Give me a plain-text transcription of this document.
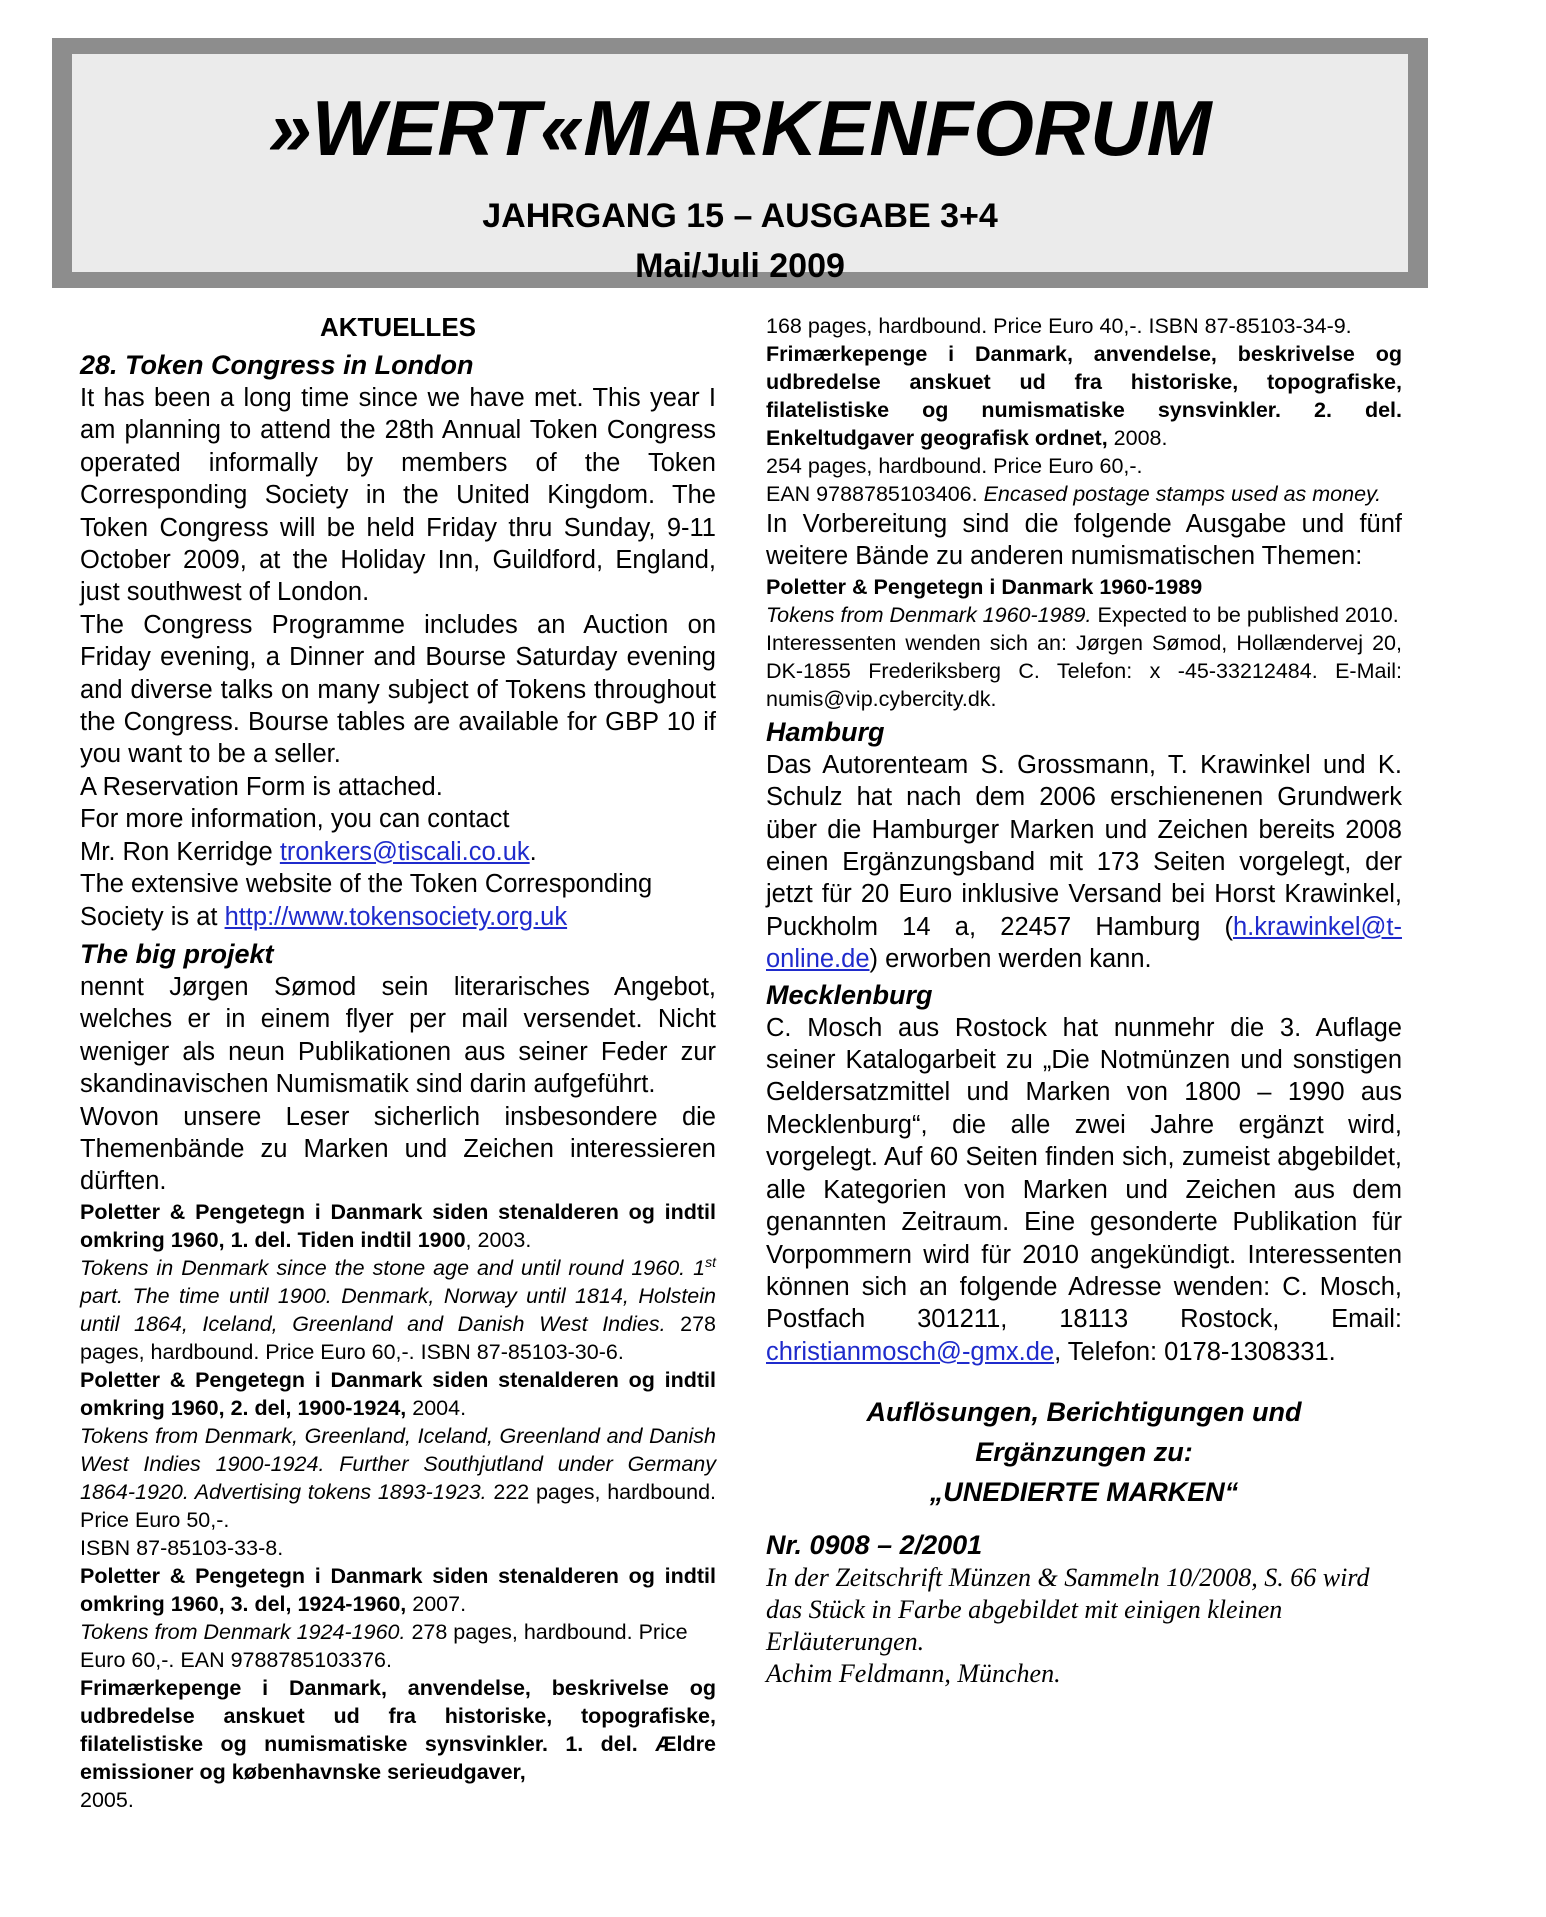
»WERT«MARKENFORUM
JAHRGANG 15 – AUSGABE 3+4
Mai/Juli 2009
AKTUELLES
28. Token Congress in London

It has been a long time since we have met. This year I am planning to attend the 28th Annual Token Congress operated informally by members of the Token Corresponding Society in the United Kingdom. The Token Congress will be held Friday thru Sunday, 9-11 October 2009, at the Holiday Inn, Guildford, England, just southwest of London.

The Congress Programme includes an Auction on Friday evening, a Dinner and Bourse Saturday evening and diverse talks on many subject of Tokens throughout the Congress. Bourse tables are available for GBP 10 if you want to be a seller.

A Reservation Form is attached.

For more information, you can contact

Mr. Ron Kerridge tronkers@tiscali.co.uk.

The extensive website of the Token Corresponding Society is at http://www.tokensociety.org.uk

The big projekt

nennt Jørgen Sømod sein literarisches Angebot, welches er in einem flyer per mail versendet. Nicht weniger als neun Publikationen aus seiner Feder zur skandinavischen Numismatik sind darin aufgeführt.

Wovon unsere Leser sicherlich insbesondere die Themenbände zu Marken und Zeichen interessieren dürften.

Poletter & Pengetegn i Danmark siden stenalderen og indtil omkring 1960, 1. del. Tiden indtil 1900, 2003.

Tokens in Denmark since the stone age and until round 1960. 1st part. The time until 1900. Denmark, Norway until 1814, Holstein until 1864, Iceland, Greenland and Danish West Indies. 278 pages, hardbound. Price Euro 60,-. ISBN 87-85103-30-6.

Poletter & Pengetegn i Danmark siden stenalderen og indtil omkring 1960, 2. del, 1900-1924, 2004.

Tokens from Denmark, Greenland, Iceland, Greenland and Danish West Indies 1900-1924. Further Southjutland under Germany 1864-1920. Advertising tokens 1893-1923. 222 pages, hardbound. Price Euro 50,-.

ISBN 87-85103-33-8.

Poletter & Pengetegn i Danmark siden stenalderen og indtil omkring 1960, 3. del, 1924-1960, 2007.

Tokens from Denmark 1924-1960. 278 pages, hardbound. Price Euro 60,-. EAN 9788785103376.

Frimærkepenge i Danmark, anvendelse, beskrivelse og udbredelse anskuet ud fra historiske, topografiske, filatelistiske og numismatiske synsvinkler. 1. del. Ældre emissioner og københavnske serieudgaver,

2005.

168 pages, hardbound. Price Euro 40,-. ISBN 87-85103-34-9.

Frimærkepenge i Danmark, anvendelse, beskrivelse og udbredelse anskuet ud fra historiske, topografiske, filatelistiske og numismatiske synsvinkler. 2. del. Enkeltudgaver geografisk ordnet, 2008.

254 pages, hardbound. Price Euro 60,-.

EAN 9788785103406. Encased postage stamps used as money.

In Vorbereitung sind die folgende Ausgabe und fünf weitere Bände zu anderen numismatischen Themen:

Poletter & Pengetegn i Danmark 1960-1989

Tokens from Denmark 1960-1989. Expected to be published 2010.

Interessenten wenden sich an: Jørgen Sømod, Hollændervej 20, DK-1855 Frederiksberg C. Telefon: x -45-33212484. E-Mail: numis@vip.cybercity.dk.

Hamburg

Das Autorenteam S. Grossmann, T. Krawinkel und K. Schulz hat nach dem 2006 erschienenen Grundwerk über die Hamburger Marken und Zeichen bereits 2008 einen Ergänzungsband mit 173 Seiten vorgelegt, der jetzt für 20 Euro inklusive Versand bei Horst Krawinkel, Puckholm 14 a, 22457 Hamburg (h.krawinkel@t-online.de) erworben werden kann.

Mecklenburg

C. Mosch aus Rostock hat nunmehr die 3. Auflage seiner Katalogarbeit zu „Die Notmünzen und sonstigen Geldersatzmittel und Marken von 1800 – 1990 aus Mecklenburg“, die alle zwei Jahre ergänzt wird, vorgelegt. Auf 60 Seiten finden sich, zumeist abgebildet, alle Kategorien von Marken und Zeichen aus dem genannten Zeitraum. Eine gesonderte Publikation für Vorpommern wird für 2010 angekündigt. Interessenten können sich an folgende Adresse wenden: C. Mosch, Postfach 301211, 18113 Rostock, Email: christianmosch@-gmx.de, Telefon: 0178-1308331.

Auflösungen, Berichtigungen und
Ergänzungen zu:
„UNEDIERTE MARKEN“
Nr. 0908 – 2/2001

In der Zeitschrift Münzen & Sammeln 10/2008, S. 66 wird das Stück in Farbe abgebildet mit einigen kleinen Erläuterungen.

Achim Feldmann, München.
